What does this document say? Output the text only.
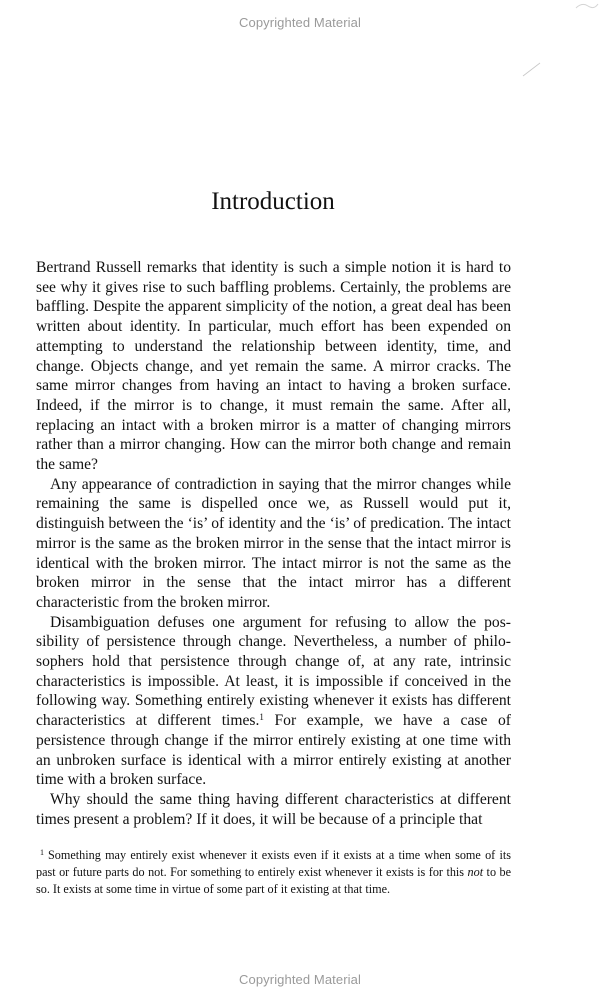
Copyrighted Material
Introduction

Bertrand Russell remarks that identity is such a simple notion it is hard to see why it gives rise to such baffling problems. Certainly, the problems are baffling. Despite the apparent simplicity of the notion, a great deal has been written about identity. In particular, much effort has been expended on attempting to understand the relationship between identity, time, and change. Objects change, and yet remain the same. A mirror cracks. The same mirror changes from having an intact to having a broken surface. Indeed, if the mirror is to change, it must remain the same. After all, replacing an intact with a broken mirror is a matter of changing mirrors rather than a mirror changing. How can the mirror both change and remain the same?

Any appearance of contradiction in saying that the mirror changes while remaining the same is dispelled once we, as Russell would put it, distinguish between the ‘is’ of identity and the ‘is’ of predication. The intact mirror is the same as the broken mirror in the sense that the intact mirror is identical with the broken mirror. The intact mirror is not the same as the broken mirror in the sense that the intact mirror has a different characteristic from the broken mirror.

Disambiguation defuses one argument for refusing to allow the possibility of persistence through change. Nevertheless, a number of philosophers hold that persistence through change of, at any rate, intrinsic characteristics is impossible. At least, it is impossible if conceived in the following way. Something entirely existing whenever it exists has different characteristics at different times.$^1$ For example, we have a case of persistence through change if the mirror entirely existing at one time with an unbroken surface is identical with a mirror entirely existing at another time with a broken surface.

Why should the same thing having different characteristics at different times present a problem? If it does, it will be because of a principle that

$^1$ Something may entirely exist whenever it exists even if it exists at a time when some of its past or future parts do not. For something to entirely exist whenever it exists is for this not to be so. It exists at some time in virtue of some part of it existing at that time.
Copyrighted Material
